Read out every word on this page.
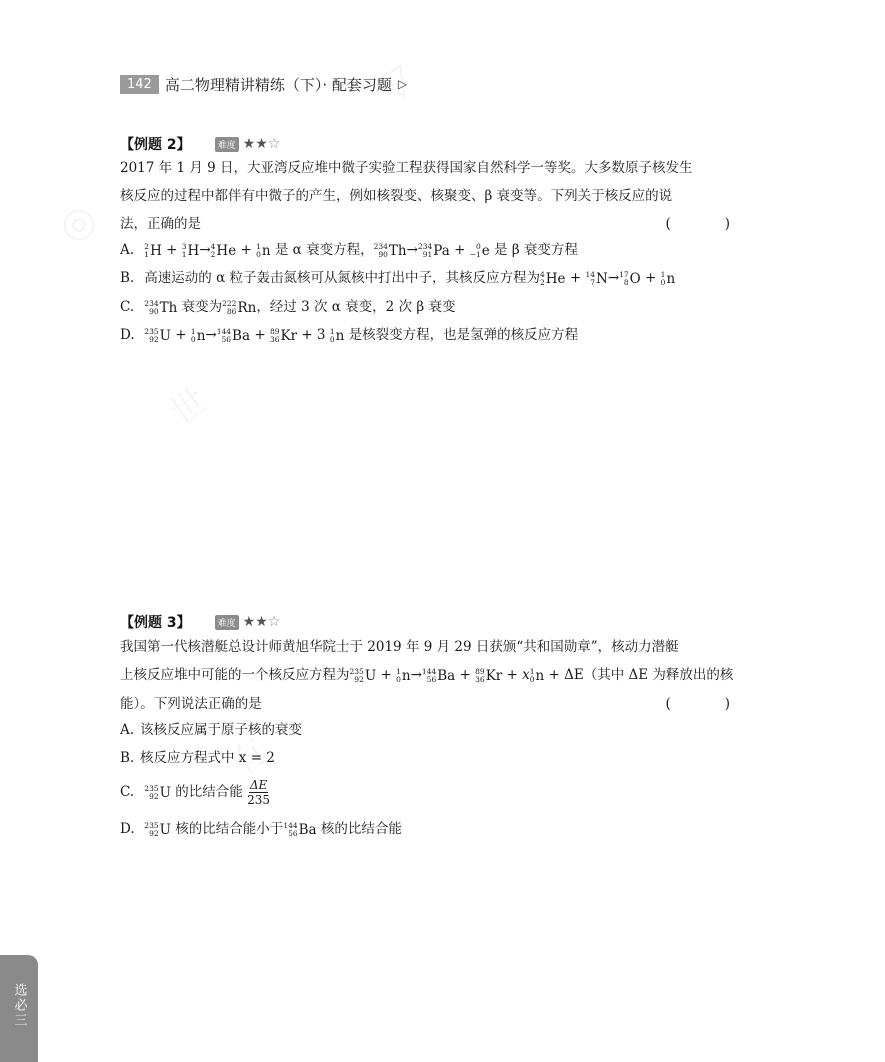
142 高二物理精讲精练（下）· 配套习题 ▷
【例题 2】	难度 ★★☆
2017 年 1 月 9 日，大亚湾反应堆中微子实验工程获得国家自然科学一等奖。大多数原子核发生
核反应的过程中都伴有中微子的产生，例如核裂变、核聚变、β 衰变等。下列关于核反应的说
法，正确的是	(　　　　)
A. 2
1 H + 3
1 H→ 4
2 He + 1
0 n 是 α 衰变方程， 234
90 Th→ 234
91 Pa + 0
−1 e 是 β 衰变方程
B. 高速运动的 α 粒子轰击氮核可从氮核中打出中子，其核反应方程为 4
2 He + 14
7 N→ 17
8 O + 1
0 n
C. 234
90 Th 衰变为 222
86 Rn，经过 3 次 α 衰变，2 次 β 衰变
D. 235
92 U + 1
0 n→ 144
56 Ba + 89
36 Kr + 3 1
0 n 是核裂变方程，也是氢弹的核反应方程
【例题 3】	难度 ★★☆
我国第一代核潜艇总设计师黄旭华院士于 2019 年 9 月 29 日获颁“共和国勋章”，核动力潜艇
上核反应堆中可能的一个核反应方程为 235
92 U + 1
0 n→ 144
56 Ba + 89
36 Kr + x 1
0 n + ΔE（其中 ΔE 为释放出的核
能）。下列说法正确的是	(　　　　)
A. 该核反应属于原子核的衰变
B. 核反应方程式中 x = 2
C. 235
92 U 的比结合能 $\frac{\Delta E}{235}$
D. 235
92 U 核的比结合能小于 144
56 Ba 核的比结合能
选必三
